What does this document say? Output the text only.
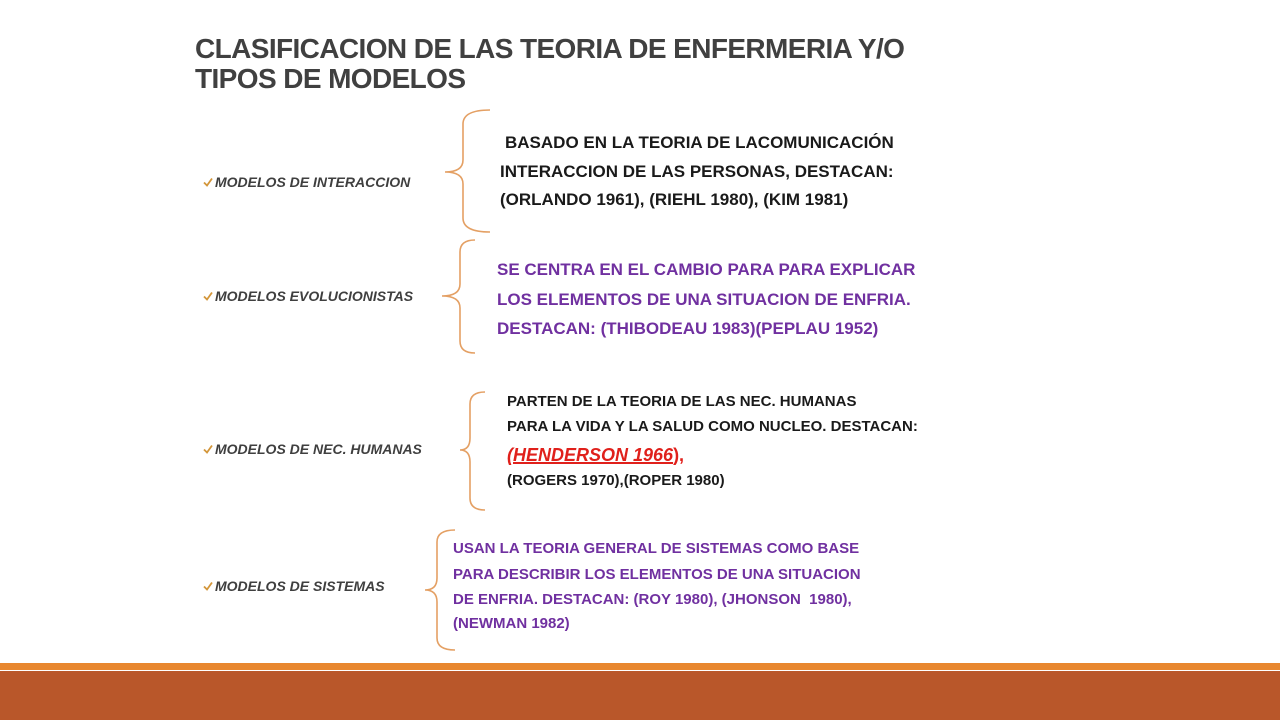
CLASIFICACION DE LAS TEORIA DE ENFERMERIA Y/O
TIPOS DE MODELOS
MODELOS DE INTERACCION
BASADO EN LA TEORIA DE LACOMUNICACIÓN
INTERACCION DE LAS PERSONAS, DESTACAN:
(ORLANDO 1961), (RIEHL 1980), (KIM 1981)
MODELOS EVOLUCIONISTAS
SE CENTRA EN EL CAMBIO PARA PARA EXPLICAR
LOS ELEMENTOS DE UNA SITUACION DE ENFRIA.
DESTACAN: (THIBODEAU 1983)(PEPLAU 1952)
MODELOS DE NEC. HUMANAS
PARTEN DE LA TEORIA DE LAS NEC. HUMANAS
PARA LA VIDA Y LA SALUD COMO NUCLEO. DESTACAN:
(HENDERSON 1966),
(ROGERS 1970),(ROPER 1980)
MODELOS DE SISTEMAS
USAN LA TEORIA GENERAL DE SISTEMAS COMO BASE
PARA DESCRIBIR LOS ELEMENTOS DE UNA SITUACION
DE ENFRIA. DESTACAN: (ROY 1980), (JHONSON  1980),
(NEWMAN 1982)
